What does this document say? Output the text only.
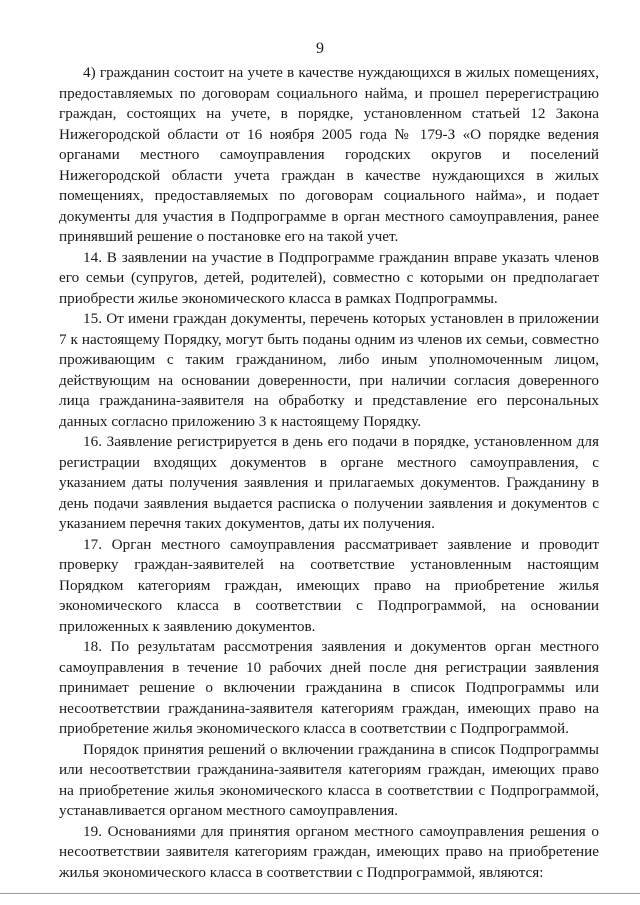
9

4) гражданин состоит на учете в качестве нуждающихся в жилых помещениях, предоставляемых по договорам социального найма, и прошел перерегистрацию граждан, состоящих на учете, в порядке, установленном статьей 12 Закона Нижегородской области от 16 ноября 2005 года № 179-З «О порядке ведения органами местного самоуправления городских округов и поселений Нижегородской области учета граждан в качестве нуждающихся в жилых помещениях, предоставляемых по договорам социального найма», и подает документы для участия в Подпрограмме в орган местного самоуправления, ранее принявший решение о постановке его на такой учет.

14. В заявлении на участие в Подпрограмме гражданин вправе указать членов его семьи (супругов, детей, родителей), совместно с которыми он предполагает приобрести жилье экономического класса в рамках Подпрограммы.

15. От имени граждан документы, перечень которых установлен в приложении 7 к настоящему Порядку, могут быть поданы одним из членов их семьи, совместно проживающим с таким гражданином, либо иным уполномоченным лицом, действующим на основании доверенности, при наличии согласия доверенного лица гражданина-заявителя на обработку и представление его персональных данных согласно приложению 3 к настоящему Порядку.

16. Заявление регистрируется в день его подачи в порядке, установленном для регистрации входящих документов в органе местного самоуправления, с указанием даты получения заявления и прилагаемых документов. Гражданину в день подачи заявления выдается расписка о получении заявления и документов с указанием перечня таких документов, даты их получения.

17. Орган местного самоуправления рассматривает заявление и проводит проверку граждан-заявителей на соответствие установленным настоящим Порядком категориям граждан, имеющих право на приобретение жилья экономического класса в соответствии с Подпрограммой, на основании приложенных к заявлению документов.

18. По результатам рассмотрения заявления и документов орган местного самоуправления в течение 10 рабочих дней после дня регистрации заявления принимает решение о включении гражданина в список Подпрограммы или несоответствии гражданина-заявителя категориям граждан, имеющих право на приобретение жилья экономического класса в соответствии с Подпрограммой.

Порядок принятия решений о включении гражданина в список Подпрограммы или несоответствии гражданина-заявителя категориям граждан, имеющих право на приобретение жилья экономического класса в соответствии с Подпрограммой, устанавливается органом местного самоуправления.

19. Основаниями для принятия органом местного самоуправления решения о несоответствии заявителя категориям граждан, имеющих право на приобретение жилья экономического класса в соответствии с Подпрограммой, являются:
